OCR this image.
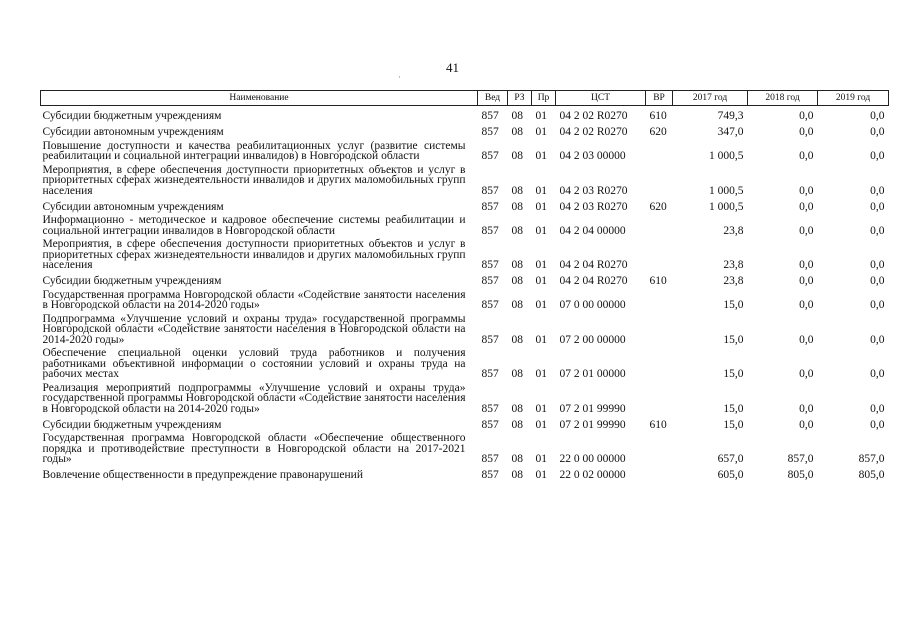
41
·
Наименование	Вед	РЗ	Пр	ЦСТ	ВР	2017 год	2018 год	2019 год
Субсидии бюджетным учреждениям	857	08	01	04 2 02 R0270	610	749,3	0,0	0,0
Субсидии автономным учреждениям	857	08	01	04 2 02 R0270	620	347,0	0,0	0,0
Повышение доступности и качества реабилитационных услуг (развитие системы реабилитации и социальной интеграции инвалидов) в Новгородской области	857	08	01	04 2 03 00000		1 000,5	0,0	0,0
Мероприятия, в сфере обеспечения доступности приоритетных объектов и услуг в приоритетных сферах жизнедеятельности инвалидов и других маломобильных групп населения	857	08	01	04 2 03 R0270		1 000,5	0,0	0,0
Субсидии автономным учреждениям	857	08	01	04 2 03 R0270	620	1 000,5	0,0	0,0
Информационно - методическое и кадровое обеспечение системы реабилитации и социальной интеграции инвалидов в Новгородской области	857	08	01	04 2 04 00000		23,8	0,0	0,0
Мероприятия, в сфере обеспечения доступности приоритетных объектов и услуг в приоритетных сферах жизнедеятельности инвалидов и других маломобильных групп населения	857	08	01	04 2 04 R0270		23,8	0,0	0,0
Субсидии бюджетным учреждениям	857	08	01	04 2 04 R0270	610	23,8	0,0	0,0
Государственная программа Новгородской области «Содействие занятости населения в Новгородской области на 2014-2020 годы»	857	08	01	07 0 00 00000		15,0	0,0	0,0
Подпрограмма «Улучшение условий и охраны труда» государственной программы Новгородской области «Содействие занятости населения в Новгородской области на 2014-2020 годы»	857	08	01	07 2 00 00000		15,0	0,0	0,0
Обеспечение специальной оценки условий труда работников и получения работниками объективной информации о состоянии условий и охраны труда на рабочих местах	857	08	01	07 2 01 00000		15,0	0,0	0,0
Реализация мероприятий подпрограммы «Улучшение условий и охраны труда» государственной программы Новгородской области «Содействие занятости населения в Новгородской области на 2014-2020 годы»	857	08	01	07 2 01 99990		15,0	0,0	0,0
Субсидии бюджетным учреждениям	857	08	01	07 2 01 99990	610	15,0	0,0	0,0
Государственная программа Новгородской области «Обеспечение общественного порядка и противодействие преступности в Новгородской области на 2017-2021 годы»	857	08	01	22 0 00 00000		657,0	857,0	857,0
Вовлечение общественности в предупреждение правонарушений	857	08	01	22 0 02 00000		605,0	805,0	805,0
